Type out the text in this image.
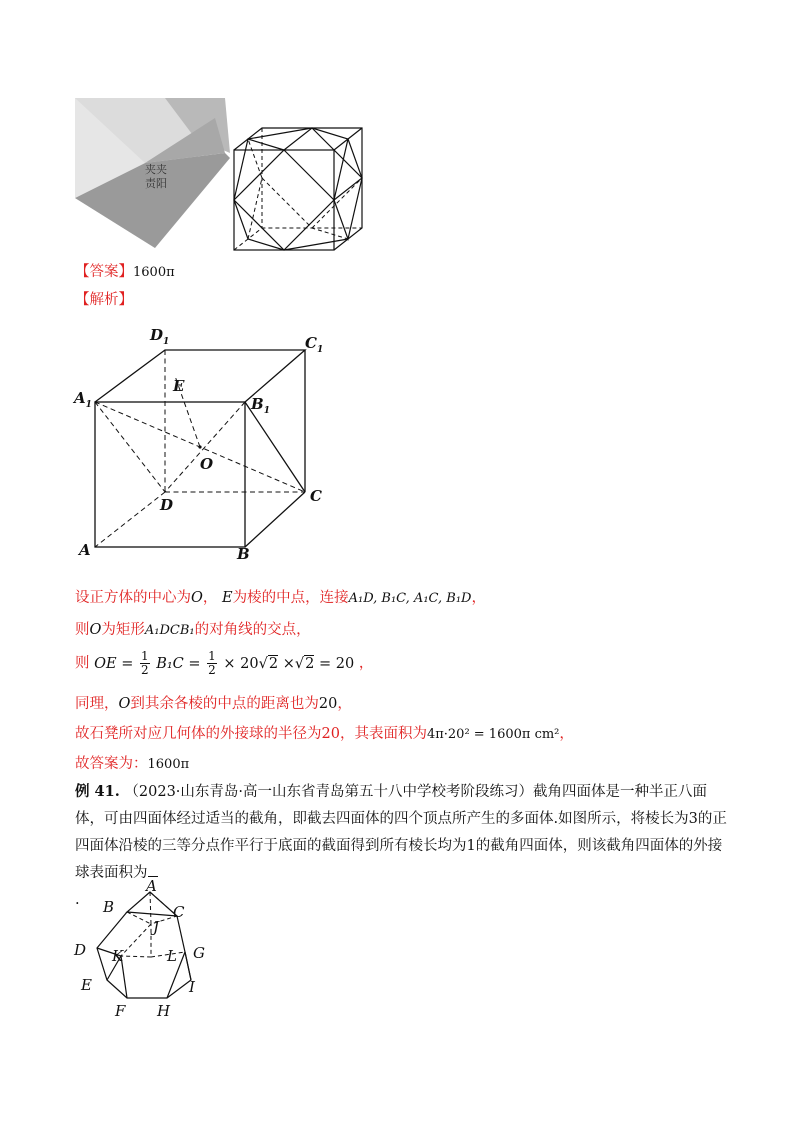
夹夹
责阳
【答案】1600π
【解析】
$D_1$	$C_1$
$A_1$	$B_1$
E
O
D	C
A	B
设正方体的中心为O， E为棱的中点，连接A₁D, B₁C, A₁C, B₁D，
则O为矩形A₁DCB₁的对角线的交点，
则 OE = $\frac{1}{2} B_1C = \frac{1}{2} \times 20√2 \times√2 = 20$ ，
同理，O到其余各棱的中点的距离也为20，
故石凳所对应几何体的外接球的半径为20，其表面积为4π·20² = 1600π cm²，
故答案为：1600π
例 41. （2023·山东青岛·高一山东省青岛第五十八中学校考阶段练习）截角四面体是一种半正八面体，可由四面体经过适当的截角，即截去四面体的四个顶点所产生的多面体.如图所示，将棱长为3的正四面体沿棱的三等分点作平行于底面的截面得到所有棱长均为1的截角四面体，则该截角四面体的外接球表面积为
.
A
B	C
J
D K	L G
E	I
F H
